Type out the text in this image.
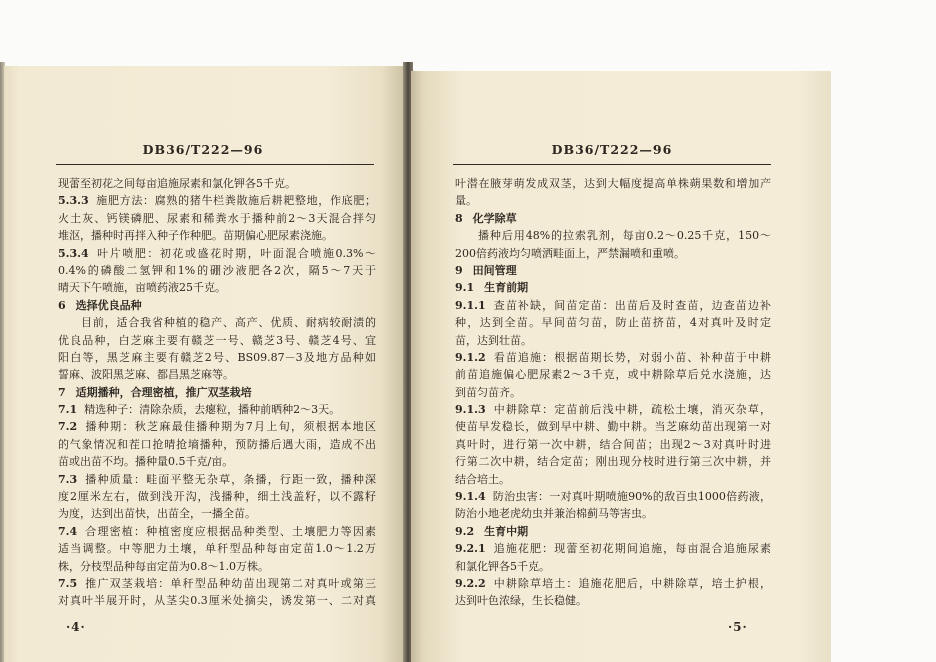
DB36/T222—96
现蕾至初花之间每亩追施尿素和氯化钾各5千克。
5.3.3 施肥方法：腐熟的猪牛栏粪散施后耕耙整地，作底肥；
火土灰、钙镁磷肥、尿素和稀粪水于播种前2～3天混合拌匀
堆沤，播种时再拌入种子作种肥。苗期偏心肥尿素浇施。
5.3.4 叶片喷肥：初花或盛花时期，叶面混合喷施0.3%～
0.4%的磷酸二氢钾和1%的硼沙液肥各2次，隔5～7天于
晴天下午喷施，亩喷药液25千克。
6 选择优良品种
目前，适合我省种植的稳产、高产、优质、耐病较耐渍的
优良品种，白芝麻主要有赣芝一号、赣芝3号、赣芝4号、宜
阳白等，黑芝麻主要有赣芝2号、BS09.87－3及地方品种如
誓麻、波阳黑芝麻、都昌黑芝麻等。
7 适期播种，合理密植，推广双茎栽培
7.1 精选种子：清除杂质，去瘪粒，播种前晒种2～3天。
7.2 播种期：秋芝麻最佳播种期为7月上旬，须根据本地区
的气象情况和茬口抢晴抢墒播种，预防播后遇大雨，造成不出
苗或出苗不均。播种量0.5千克/亩。
7.3 播种质量：畦面平整无杂草，条播，行距一致，播种深
度2厘米左右，做到浅开沟，浅播种，细土浅盖籽，以不露籽
为度，达到出苗快，出苗全，一播全苗。
7.4 合理密植：种植密度应根据品种类型、土壤肥力等因素
适当调整。中等肥力土壤，单秆型品种每亩定苗1.0～1.2万
株，分枝型品种每亩定苗为0.8～1.0万株。
7.5 推广双茎栽培：单秆型品种幼苗出现第二对真叶或第三
对真叶半展开时，从茎尖0.3厘米处摘尖，诱发第一、二对真
·4·
DB36/T222—96
叶潜在腋芽萌发成双茎，达到大幅度提高单株蒴果数和增加产
量。
8 化学除草
播种后用48%的拉索乳剂，每亩0.2～0.25千克，150～
200倍药液均匀喷洒畦面上，严禁漏喷和重喷。
9 田间管理
9.1 生育前期
9.1.1 查苗补缺，间苗定苗：出苗后及时查苗，边查苗边补
种，达到全苗。早间苗匀苗，防止苗挤苗，4对真叶及时定
苗，达到壮苗。
9.1.2 看苗追施：根据苗期长势，对弱小苗、补种苗于中耕
前苗追施偏心肥尿素2～3千克，或中耕除草后兑水浇施，达
到苗匀苗齐。
9.1.3 中耕除草：定苗前后浅中耕，疏松土壤，消灭杂草，
使苗早发稳长，做到早中耕、勤中耕。当芝麻幼苗出现第一对
真叶时，进行第一次中耕，结合间苗；出现2～3对真叶时进
行第二次中耕，结合定苗；刚出现分枝时进行第三次中耕，并
结合培土。
9.1.4 防治虫害：一对真叶期喷施90%的敌百虫1000倍药液，
防治小地老虎幼虫并兼治棉蓟马等害虫。
9.2 生育中期
9.2.1 追施花肥：现蕾至初花期间追施，每亩混合追施尿素
和氯化钾各5千克。
9.2.2 中耕除草培土：追施花肥后，中耕除草，培土护根，
达到叶色浓绿，生长稳健。
·5·
